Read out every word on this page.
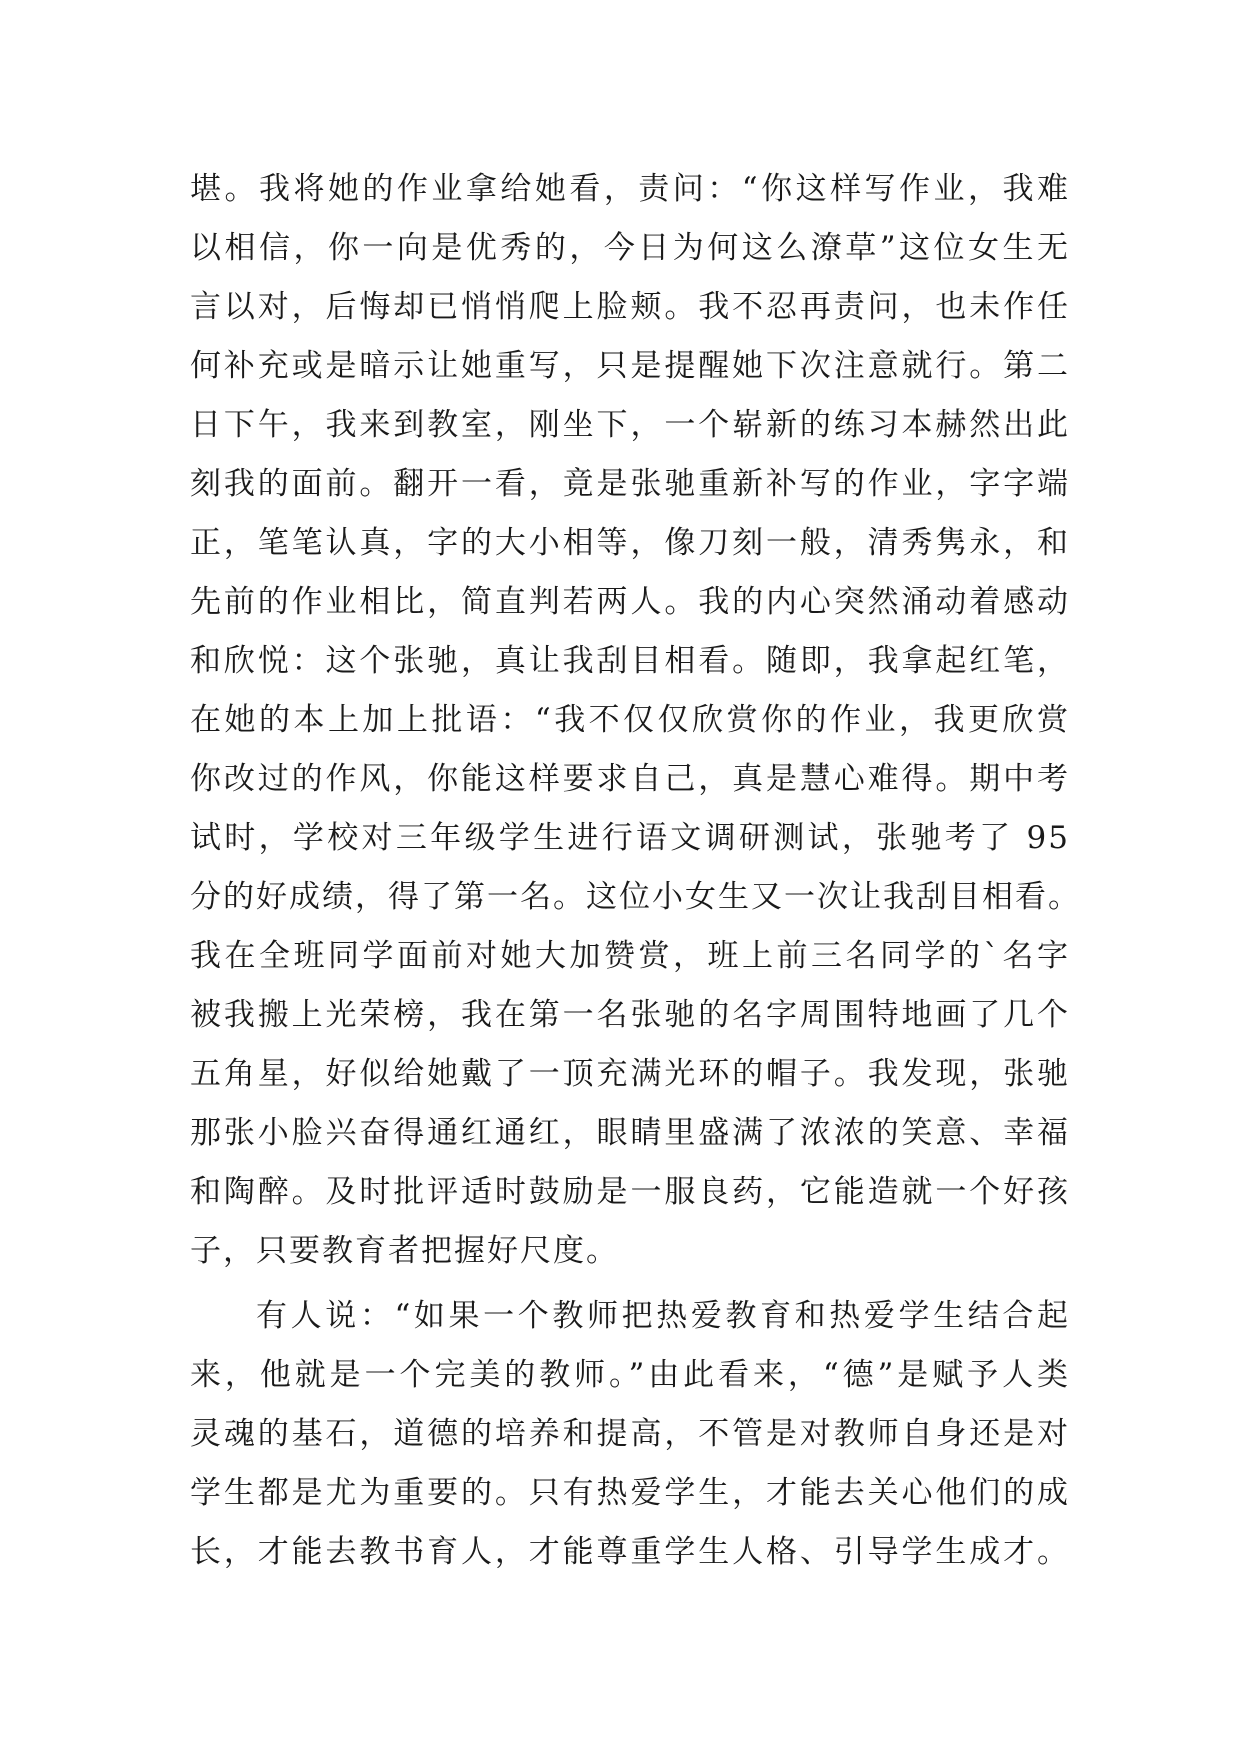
堪。我将她的作业拿给她看，责问：“你这样写作业，我难
以相信，你一向是优秀的，今日为何这么潦草”这位女生无
言以对，后悔却已悄悄爬上脸颊。我不忍再责问，也未作任
何补充或是暗示让她重写，只是提醒她下次注意就行。第二
日下午，我来到教室，刚坐下，一个崭新的练习本赫然出此
刻我的面前。翻开一看，竟是张驰重新补写的作业，字字端
正，笔笔认真，字的大小相等，像刀刻一般，清秀隽永，和
先前的作业相比，简直判若两人。我的内心突然涌动着感动
和欣悦：这个张驰，真让我刮目相看。随即，我拿起红笔，
在她的本上加上批语：“我不仅仅欣赏你的作业，我更欣赏
你改过的作风，你能这样要求自己，真是慧心难得。期中考
试时，学校对三年级学生进行语文调研测试，张驰考了 95
分的好成绩，得了第一名。这位小女生又一次让我刮目相看。
我在全班同学面前对她大加赞赏，班上前三名同学的`名字
被我搬上光荣榜，我在第一名张驰的名字周围特地画了几个
五角星，好似给她戴了一顶充满光环的帽子。我发现，张驰
那张小脸兴奋得通红通红，眼睛里盛满了浓浓的笑意、幸福
和陶醉。及时批评适时鼓励是一服良药，它能造就一个好孩
子，只要教育者把握好尺度。
有人说：“如果一个教师把热爱教育和热爱学生结合起
来，他就是一个完美的教师。”由此看来，“德”是赋予人类
灵魂的基石，道德的培养和提高，不管是对教师自身还是对
学生都是尤为重要的。只有热爱学生，才能去关心他们的成
长，才能去教书育人，才能尊重学生人格、引导学生成才。
